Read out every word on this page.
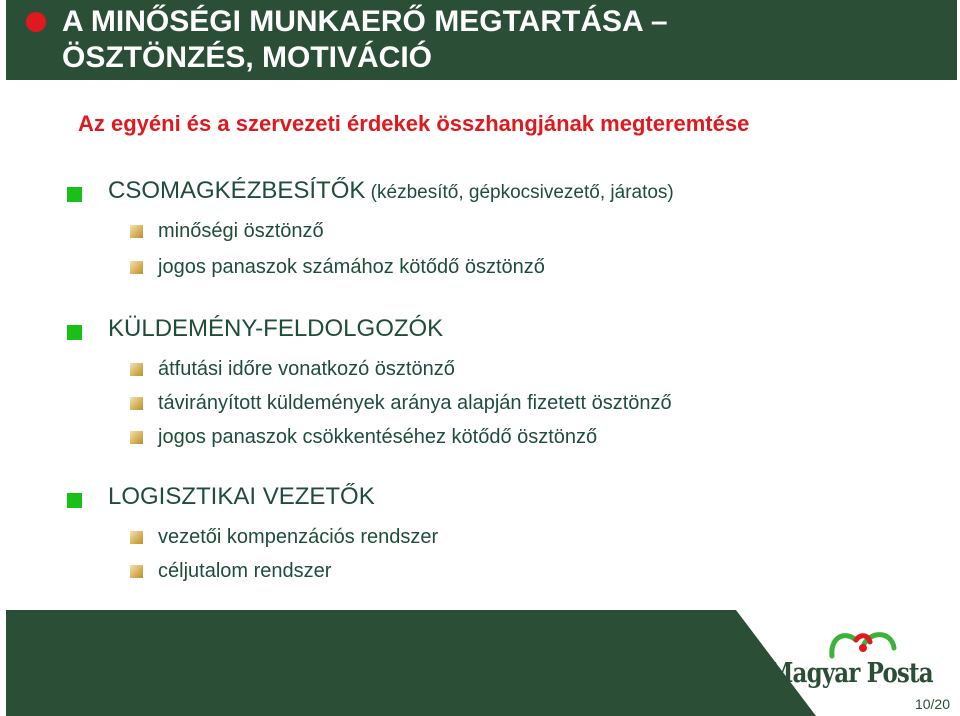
A MINŐSÉGI MUNKAERŐ MEGTARTÁSA –
ÖSZTÖNZÉS, MOTIVÁCIÓ
Az egyéni és a szervezeti érdekek összhangjának megteremtése

CSOMAGKÉZBESÍTŐK (kézbesítő, gépkocsivezető, járatos)

minőségi ösztönző
jogos panaszok számához kötődő ösztönző

KÜLDEMÉNY-FELDOLGOZÓK

átfutási időre vonatkozó ösztönző
távirányított küldemények aránya alapján fizetett ösztönző
jogos panaszok csökkentéséhez kötődő ösztönző

LOGISZTIKAI VEZETŐK

vezetői kompenzációs rendszer
céljutalom rendszer
Magyar Posta
10/20
